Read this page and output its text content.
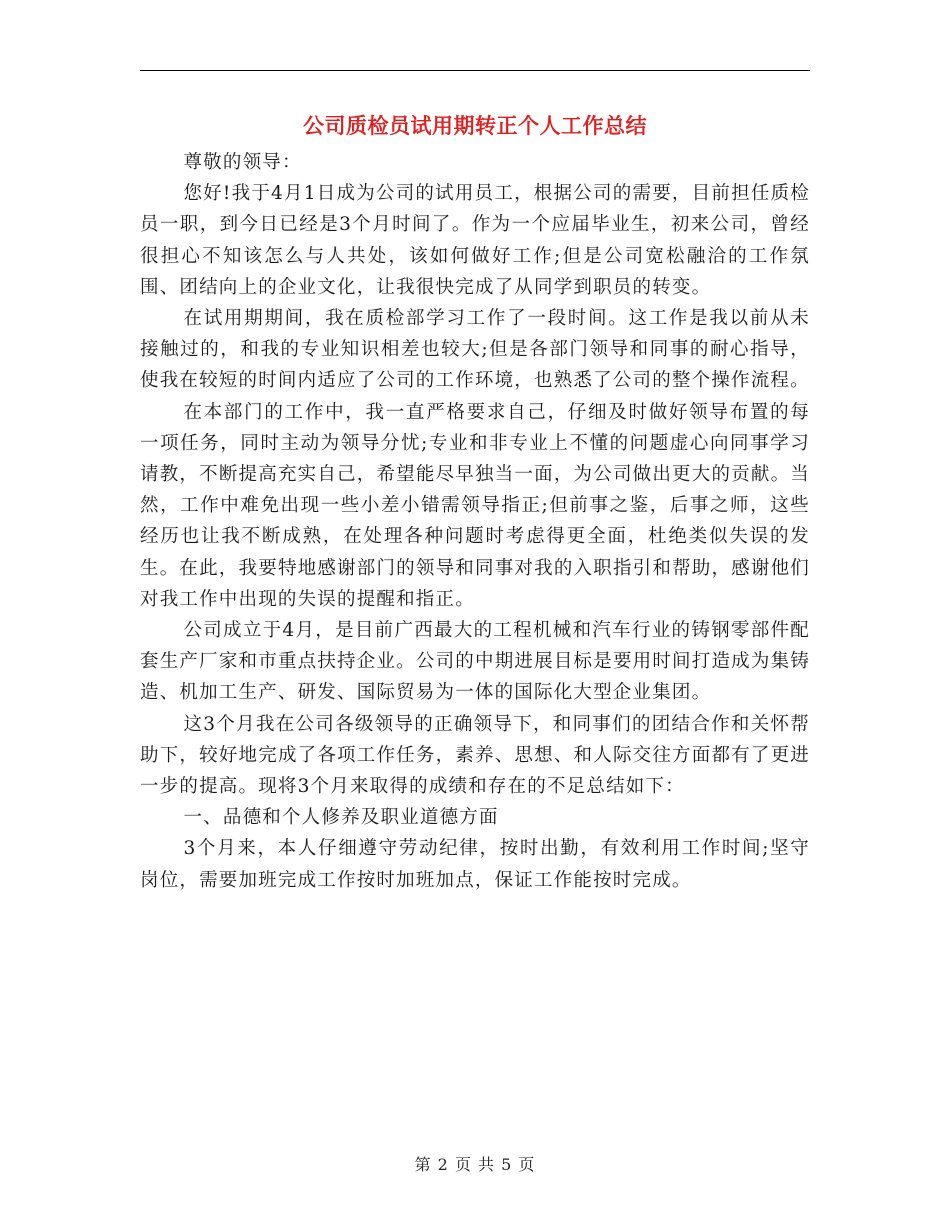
公司质检员试用期转正个人工作总结

尊敬的领导：

您好!我于4月1日成为公司的试用员工，根据公司的需要，目前担任质检员一职，到今日已经是3个月时间了。作为一个应届毕业生，初来公司，曾经很担心不知该怎么与人共处，该如何做好工作;但是公司宽松融洽的工作氛围、团结向上的企业文化，让我很快完成了从同学到职员的转变。

在试用期期间，我在质检部学习工作了一段时间。这工作是我以前从未接触过的，和我的专业知识相差也较大;但是各部门领导和同事的耐心指导，使我在较短的时间内适应了公司的工作环境，也熟悉了公司的整个操作流程。

在本部门的工作中，我一直严格要求自己，仔细及时做好领导布置的每一项任务，同时主动为领导分忧;专业和非专业上不懂的问题虚心向同事学习请教，不断提高充实自己，希望能尽早独当一面，为公司做出更大的贡献。当然，工作中难免出现一些小差小错需领导指正;但前事之鉴，后事之师，这些经历也让我不断成熟，在处理各种问题时考虑得更全面，杜绝类似失误的发生。在此，我要特地感谢部门的领导和同事对我的入职指引和帮助，感谢他们对我工作中出现的失误的提醒和指正。

公司成立于4月，是目前广西最大的工程机械和汽车行业的铸钢零部件配套生产厂家和市重点扶持企业。公司的中期进展目标是要用时间打造成为集铸造、机加工生产、研发、国际贸易为一体的国际化大型企业集团。

这3个月我在公司各级领导的正确领导下，和同事们的团结合作和关怀帮助下，较好地完成了各项工作任务，素养、思想、和人际交往方面都有了更进一步的提高。现将3个月来取得的成绩和存在的不足总结如下：

一、品德和个人修养及职业道德方面

3个月来，本人仔细遵守劳动纪律，按时出勤，有效利用工作时间;坚守岗位，需要加班完成工作按时加班加点，保证工作能按时完成。

第 2 页 共 5 页
